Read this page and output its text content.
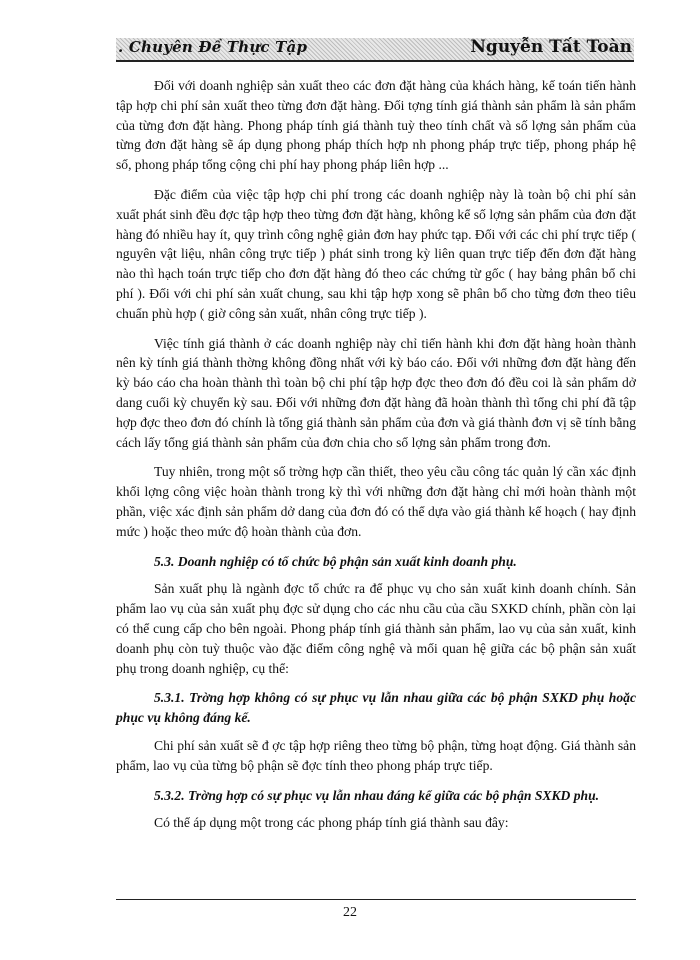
. Chuyên Đề Thực Tập	Nguyễn Tất Toàn

Đối với doanh nghiệp sản xuất theo các đơn đặt hàng của khách hàng, kế toán tiến hành tập hợp chi phí sản xuất theo từng đơn đặt hàng. Đối tợng tính giá thành sản phẩm là sản phẩm của từng đơn đặt hàng. Phong pháp tính giá thành tuỳ theo tính chất và số lợng sản phẩm của từng đơn đặt hàng sẽ áp dụng phong pháp thích hợp nh phong pháp trực tiếp, phong pháp hệ số, phong pháp tổng cộng chi phí hay phong pháp liên hợp ...

Đặc điểm của việc tập hợp chi phí trong các doanh nghiệp này là toàn bộ chi phí sản xuất phát sinh đều đợc tập hợp theo từng đơn đặt hàng, không kể số lợng sản phẩm của đơn đặt hàng đó nhiều hay ít, quy trình công nghệ giản đơn hay phức tạp. Đối với các chi phí trực tiếp ( nguyên vật liệu, nhân công trực tiếp ) phát sinh trong kỳ liên quan trực tiếp đến đơn đặt hàng nào thì hạch toán trực tiếp cho đơn đặt hàng đó theo các chứng từ gốc ( hay bảng phân bổ chi phí ). Đối với chi phí sản xuất chung, sau khi tập hợp xong sẽ phân bổ cho từng đơn theo tiêu chuẩn phù hợp ( giờ công sản xuất, nhân công trực tiếp ).

Việc tính giá thành ở các doanh nghiệp này chỉ tiến hành khi đơn đặt hàng hoàn thành nên kỳ tính giá thành thờng không đồng nhất với kỳ báo cáo. Đối với những đơn đặt hàng đến kỳ báo cáo cha hoàn thành thì toàn bộ chi phí tập hợp đợc theo đơn đó đều coi là sản phẩm dở dang cuối kỳ chuyển kỳ sau. Đối với những đơn đặt hàng đã hoàn thành thì tổng chi phí đã tập hợp đợc theo đơn đó chính là tổng giá thành sản phẩm của đơn và giá thành đơn vị sẽ tính bằng cách lấy tổng giá thành sản phẩm của đơn chia cho số lợng sản phẩm trong đơn.

Tuy nhiên, trong một số trờng hợp cần thiết, theo yêu cầu công tác quản lý cần xác định khối lợng công việc hoàn thành trong kỳ thì với những đơn đặt hàng chỉ mới hoàn thành một phần, việc xác định sản phẩm dở dang của đơn đó có thể dựa vào giá thành kế hoạch ( hay định mức ) hoặc theo mức độ hoàn thành của đơn.

5.3. Doanh nghiệp có tổ chức bộ phận sản xuất kinh doanh phụ.

Sản xuất phụ là ngành đợc tổ chức ra để phục vụ cho sản xuất kinh doanh chính. Sản phẩm lao vụ của sản xuất phụ đợc sử dụng cho các nhu cầu của cầu SXKD chính, phần còn lại có thể cung cấp cho bên ngoài. Phong pháp tính giá thành sản phẩm, lao vụ của sản xuất, kinh doanh phụ còn tuỳ thuộc vào đặc điểm công nghệ và mối quan hệ giữa các bộ phận sản xuất phụ trong doanh nghiệp, cụ thể:

5.3.1. Trờng hợp không có sự phục vụ lẫn nhau giữa các bộ phận SXKD phụ hoặc phục vụ không đáng kể.

Chi phí sản xuất sẽ đ ợc tập hợp riêng theo từng bộ phận, từng hoạt động. Giá thành sản phẩm, lao vụ của từng bộ phận sẽ đợc tính theo phong pháp trực tiếp.

5.3.2. Trờng hợp có sự phục vụ lẫn nhau đáng kể giữa các bộ phận SXKD phụ.

Có thể áp dụng một trong các phong pháp tính giá thành sau đây:

22
